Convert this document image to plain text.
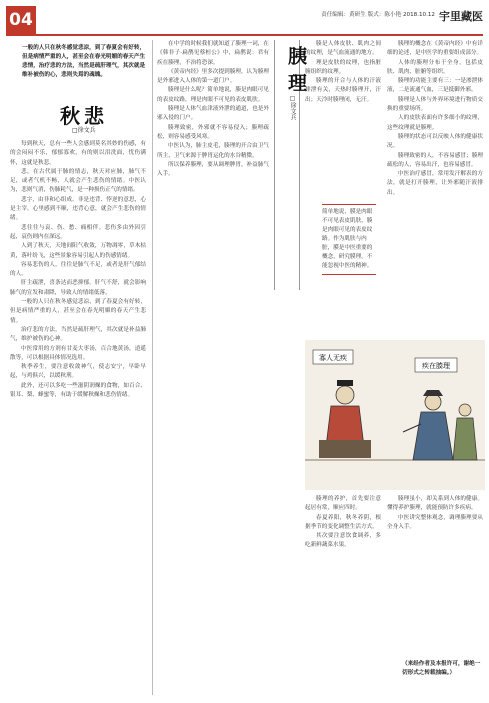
04	责任编辑：黄研生 版式：陈小艳 2018.10.12 宇里藏医
一般的人只在秋冬感觉悲凉，到了春夏会有好转，但是病情严重的人，甚至会在春光明媚的春天产生悲情，治疗悲的方法，当然是疏肝理气，其次就是维补被伤的心，悲则失焉的魂魄。
秋悲
□徐文兵

每到秋天，总有一些人会感到莫名其妙的伤感，有的会闷闷不乐，郁郁寡欢，有的则以泪洗面，忧伤满怀，这就是秋悲。

悲，在古代属于肺的情志，秋天对应肺，肺气不足，或者气机不畅，人就会产生悲伤的情绪。中医认为，悲则气消，伤肺耗气，是一种损伤正气的情绪。

悲字，由非和心组成。非是违背、悖逆的意思，心是主宰。心里感到不顺，违背心意，就会产生悲伤的情绪。

悲往往与哀、伤、愁、痛相伴。悲伤多由外因引起，哀伤则内在深远。

人到了秋天，天地间阳气收敛，万物凋零，草木枯黄，落叶纷飞，这些景象容易引起人的伤感情绪。

容易悲伤的人，往往是肺气不足，或者是肝气郁结的人。

肝主疏泄，喜条达而恶抑郁。肝气不舒，就会影响肺气的宣发和肃降，导致人的情绪低落。

一般的人只在秋冬感觉悲凉，到了春夏会有好转，但是病情严重的人，甚至会在春光明媚的春天产生悲情。

治疗悲的方法，当然是疏肝理气，其次就是补益肺气，维护被伤的心神。

中医常用的方剂有甘麦大枣汤，百合地黄汤，逍遥散等，可以根据具体情况选用。

秋季养生，要注意收敛神气，使志安宁，早卧早起，与鸡俱兴，以缓秋刑。

此外，还可以多吃一些滋阴润燥的食物，如百合、银耳、梨、蜂蜜等，有助于缓解秋燥和悲伤情绪。

在中学的时候我们就知道了腠理一词，在《韩非子·扁鹊见蔡桓公》中，扁鹊说：君有疾在腠理，不治将恐深。

《黄帝内经》里多次提到腠理，认为腠理是外邪进入人体的第一道门户。

腠理是什么呢？简单地说，腠是肉眼可见的表皮纹路，理是肉眼不可见的表皮肌肤。

腠理是人体气血津液外泄的通道，也是外邪入侵的门户。

腠理致密，外邪就不容易侵入；腠理疏松，则容易感受风寒。

中医认为，肺主皮毛，腠理的开合由卫气所主，卫气来源于脾胃运化的水谷精微。

所以保养腠理，要从调理脾胃，补益肺气入手。

胰理
□徐文兵

腠是人体皮肤、肌肉之间的纹理，是气血流通的地方。

理是皮肤的纹理，也指脏腑组织的纹理。

腠理的开合与人体的汗液排泄有关，天热时腠理开，汗出；天冷时腠理闭，无汗。

简单地说，膜是肉眼不可见表皮肌肤，腠是肉眼可见的表皮纹路。作为肌肤与内脏，膜是中医重要的概念，研究膜理，不能忽视中医的精神。

胰理的概念在《黄帝内经》中有详细的论述，是中医学的重要组成部分。

人体的腠理分布于全身，包括皮肤、肌肉、脏腑等组织。

腠理的功能主要有三：一是渗泄体液，二是流通气血，三是抵御外邪。

腠理是人体与外界环境进行物质交换的重要场所。

人的皮肤表面有许多细小的纹理，这些纹理就是腠理。

腠理的状态可以反映人体的健康状况。

腠理致密的人，不容易感冒；腠理疏松的人，容易出汗，也容易感冒。

中医治疗感冒，常用发汗解表的方法，就是打开腠理，让外邪随汗液排出。

寡人无疾
疾在腠理

腠理的养护，首先要注意起居有常，顺应四时。

春夏养阳，秋冬养阴，根据季节的变化调整生活方式。

其次要注意饮食调养，多吃新鲜蔬菜水果。

腠理虽小，却关系到人体的健康。懂得养护腠理，就能预防许多疾病。

中医讲究整体观念，调理腠理要从全身入手。

（来经作者及本报许可，谢绝一切形式之转载抽编。）
